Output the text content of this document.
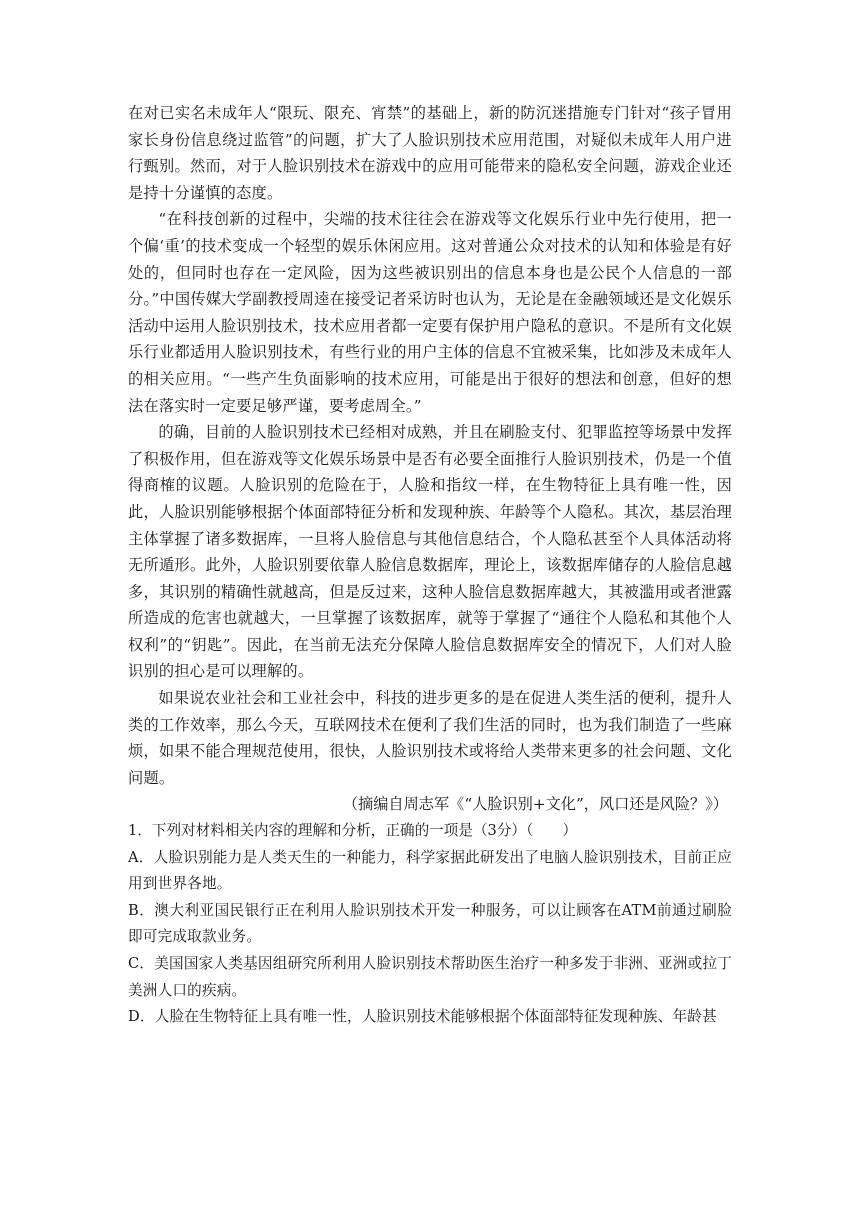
在对已实名未成年人“限玩、限充、宵禁”的基础上，新的防沉迷措施专门针对“孩子冒用家长身份信息绕过监管”的问题，扩大了人脸识别技术应用范围，对疑似未成年人用户进行甄别。然而，对于人脸识别技术在游戏中的应用可能带来的隐私安全问题，游戏企业还是持十分谨慎的态度。

“在科技创新的过程中，尖端的技术往往会在游戏等文化娱乐行业中先行使用，把一个偏‘重’的技术变成一个轻型的娱乐休闲应用。这对普通公众对技术的认知和体验是有好处的，但同时也存在一定风险，因为这些被识别出的信息本身也是公民个人信息的一部分。”中国传媒大学副教授周逵在接受记者采访时也认为，无论是在金融领域还是文化娱乐活动中运用人脸识别技术，技术应用者都一定要有保护用户隐私的意识。不是所有文化娱乐行业都适用人脸识别技术，有些行业的用户主体的信息不宜被采集，比如涉及未成年人的相关应用。“一些产生负面影响的技术应用，可能是出于很好的想法和创意，但好的想法在落实时一定要足够严谨，要考虑周全。”

的确，目前的人脸识别技术已经相对成熟，并且在刷脸支付、犯罪监控等场景中发挥了积极作用，但在游戏等文化娱乐场景中是否有必要全面推行人脸识别技术，仍是一个值得商榷的议题。人脸识别的危险在于，人脸和指纹一样，在生物特征上具有唯一性，因此，人脸识别能够根据个体面部特征分析和发现种族、年龄等个人隐私。其次，基层治理主体掌握了诸多数据库，一旦将人脸信息与其他信息结合，个人隐私甚至个人具体活动将无所遁形。此外，人脸识别要依靠人脸信息数据库，理论上，该数据库储存的人脸信息越多，其识别的精确性就越高，但是反过来，这种人脸信息数据库越大，其被滥用或者泄露所造成的危害也就越大，一旦掌握了该数据库，就等于掌握了“通往个人隐私和其他个人权利”的“钥匙”。因此，在当前无法充分保障人脸信息数据库安全的情况下，人们对人脸识别的担心是可以理解的。

如果说农业社会和工业社会中，科技的进步更多的是在促进人类生活的便利，提升人类的工作效率，那么今天，互联网技术在便利了我们生活的同时，也为我们制造了一些麻烦，如果不能合理规范使用，很快，人脸识别技术或将给人类带来更多的社会问题、文化问题。

（摘编自周志军《“人脸识别+文化”，风口还是风险？》）

1．下列对材料相关内容的理解和分析，正确的一项是（3分）（　　）

A．人脸识别能力是人类天生的一种能力，科学家据此研发出了电脑人脸识别技术，目前正应用到世界各地。

B．澳大利亚国民银行正在利用人脸识别技术开发一种服务，可以让顾客在ATM前通过刷脸即可完成取款业务。

C．美国国家人类基因组研究所利用人脸识别技术帮助医生治疗一种多发于非洲、亚洲或拉丁美洲人口的疾病。

D．人脸在生物特征上具有唯一性，人脸识别技术能够根据个体面部特征发现种族、年龄甚
